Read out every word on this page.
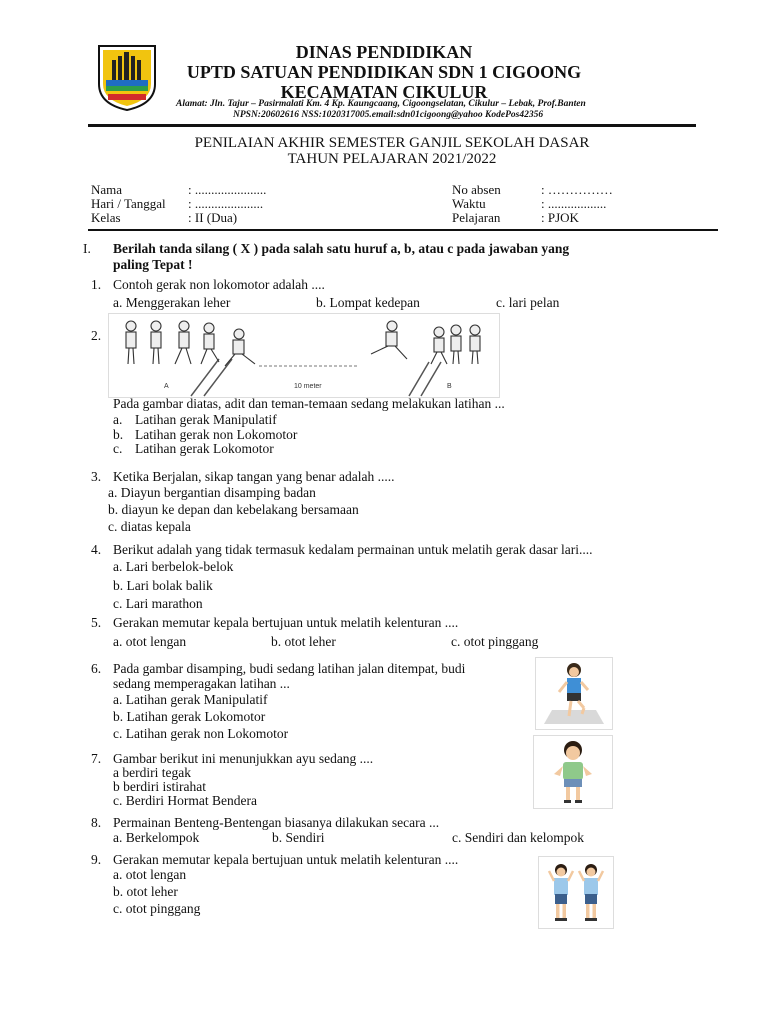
DINAS PENDIDIKAN
UPTD SATUAN PENDIDIKAN SDN 1 CIGOONG
KECAMATAN CIKULUR
Alamat: Jln. Tajur – Pasirmalati Km. 4 Kp. Kaungcaang, Cigoongselatan, Cikulur – Lebak, Prof.Banten
NPSN:20602616 NSS:1020317005.email:sdn01cigoong@yahoo KodePos42356
PENILAIAN AKHIR SEMESTER GANJIL SEKOLAH DASAR
TAHUN PELAJARAN 2021/2022
Nama	: ......................
Hari / Tanggal : .....................
Kelas	: II (Dua)
No absen	: ……………
Waktu	: ..................
Pelajaran	: PJOK
I. Berilah tanda silang ( X ) pada salah satu huruf a, b, atau c pada jawaban yang
paling Tepat !
1. Contoh gerak non lokomotor adalah ....
a. Menggerakan leher	b. Lompat kedepan	c. lari pelan
2.
A	10 meter	B
Pada gambar diatas, adit dan teman-temaan sedang melakukan latihan ...
a. Latihan gerak Manipulatif
b. Latihan gerak non Lokomotor
c. Latihan gerak Lokomotor
3. Ketika Berjalan, sikap tangan yang benar adalah .....
a. Diayun bergantian disamping badan
b. diayun ke depan dan kebelakang bersamaan
c. diatas kepala
4. Berikut adalah yang tidak termasuk kedalam permainan untuk melatih gerak dasar lari....
a. Lari berbelok-belok
b. Lari bolak balik
c. Lari marathon
5. Gerakan memutar kepala bertujuan untuk melatih kelenturan ....
a. otot lengan	b. otot leher	c. otot pinggang
6. Pada gambar disamping, budi sedang latihan jalan ditempat, budi
sedang memperagakan latihan ...
a. Latihan gerak Manipulatif
b. Latihan gerak Lokomotor
c. Latihan gerak non Lokomotor
7. Gambar berikut ini menunjukkan ayu sedang ....
a berdiri tegak
b berdiri istirahat
c. Berdiri Hormat Bendera
8. Permainan Benteng-Bentengan biasanya dilakukan secara ...
a. Berkelompok	b. Sendiri	c. Sendiri dan kelompok
9. Gerakan memutar kepala bertujuan untuk melatih kelenturan ....
a. otot lengan
b. otot leher
c. otot pinggang
